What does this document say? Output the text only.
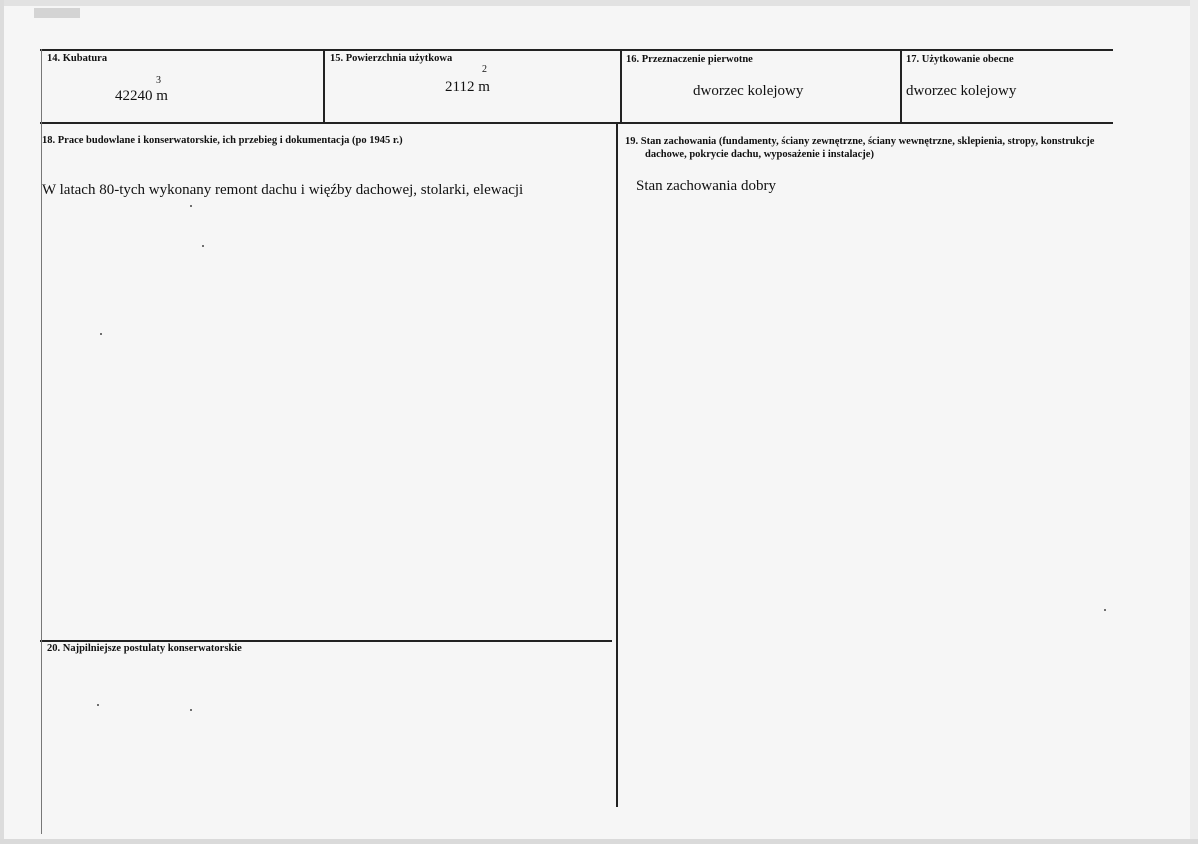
14. Kubatura
3
42240 m
15. Powierzchnia użytkowa
2
2112 m
16. Przeznaczenie pierwotne
dworzec kolejowy
17. Użytkowanie obecne
dworzec kolejowy
18. Prace budowlane i konserwatorskie, ich przebieg i dokumentacja (po 1945 r.)
W latach 80-tych wykonany remont dachu i więźby dachowej, stolarki, elewacji
19. Stan zachowania (fundamenty, ściany zewnętrzne, ściany wewnętrzne, sklepienia, stropy, konstrukcje
dachowe, pokrycie dachu, wyposażenie i instalacje)
Stan zachowania dobry
20. Najpilniejsze postulaty konserwatorskie
